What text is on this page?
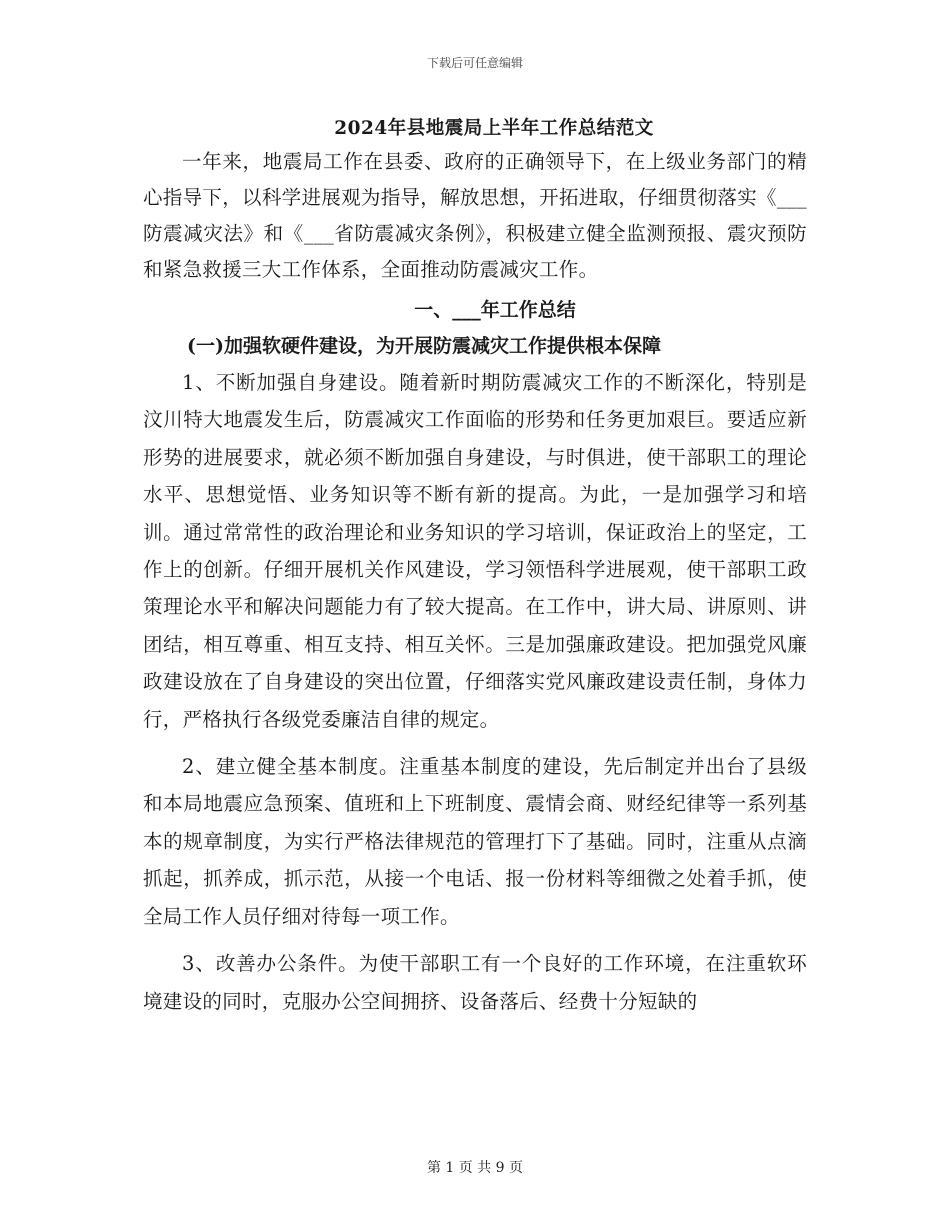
下载后可任意编辑
2024年县地震局上半年工作总结范文

一年来，地震局工作在县委、政府的正确领导下，在上级业务部门的精心指导下，以科学进展观为指导，解放思想，开拓进取，仔细贯彻落实《___防震减灾法》和《___省防震减灾条例》，积极建立健全监测预报、震灾预防和紧急救援三大工作体系，全面推动防震减灾工作。

一、___年工作总结
(一)加强软硬件建设，为开展防震减灾工作提供根本保障

1、不断加强自身建设。随着新时期防震减灾工作的不断深化，特别是汶川特大地震发生后，防震减灾工作面临的形势和任务更加艰巨。要适应新形势的进展要求，就必须不断加强自身建设，与时俱进，使干部职工的理论水平、思想觉悟、业务知识等不断有新的提高。为此，一是加强学习和培训。通过常常性的政治理论和业务知识的学习培训，保证政治上的坚定，工作上的创新。仔细开展机关作风建设，学习领悟科学进展观，使干部职工政策理论水平和解决问题能力有了较大提高。在工作中，讲大局、讲原则、讲团结，相互尊重、相互支持、相互关怀。三是加强廉政建设。把加强党风廉政建设放在了自身建设的突出位置，仔细落实党风廉政建设责任制，身体力行，严格执行各级党委廉洁自律的规定。

2、建立健全基本制度。注重基本制度的建设，先后制定并出台了县级和本局地震应急预案、值班和上下班制度、震情会商、财经纪律等一系列基本的规章制度，为实行严格法律规范的管理打下了基础。同时，注重从点滴抓起，抓养成，抓示范，从接一个电话、报一份材料等细微之处着手抓，使全局工作人员仔细对待每一项工作。

3、改善办公条件。为使干部职工有一个良好的工作环境，在注重软环境建设的同时，克服办公空间拥挤、设备落后、经费十分短缺的

第 1 页 共 9 页
